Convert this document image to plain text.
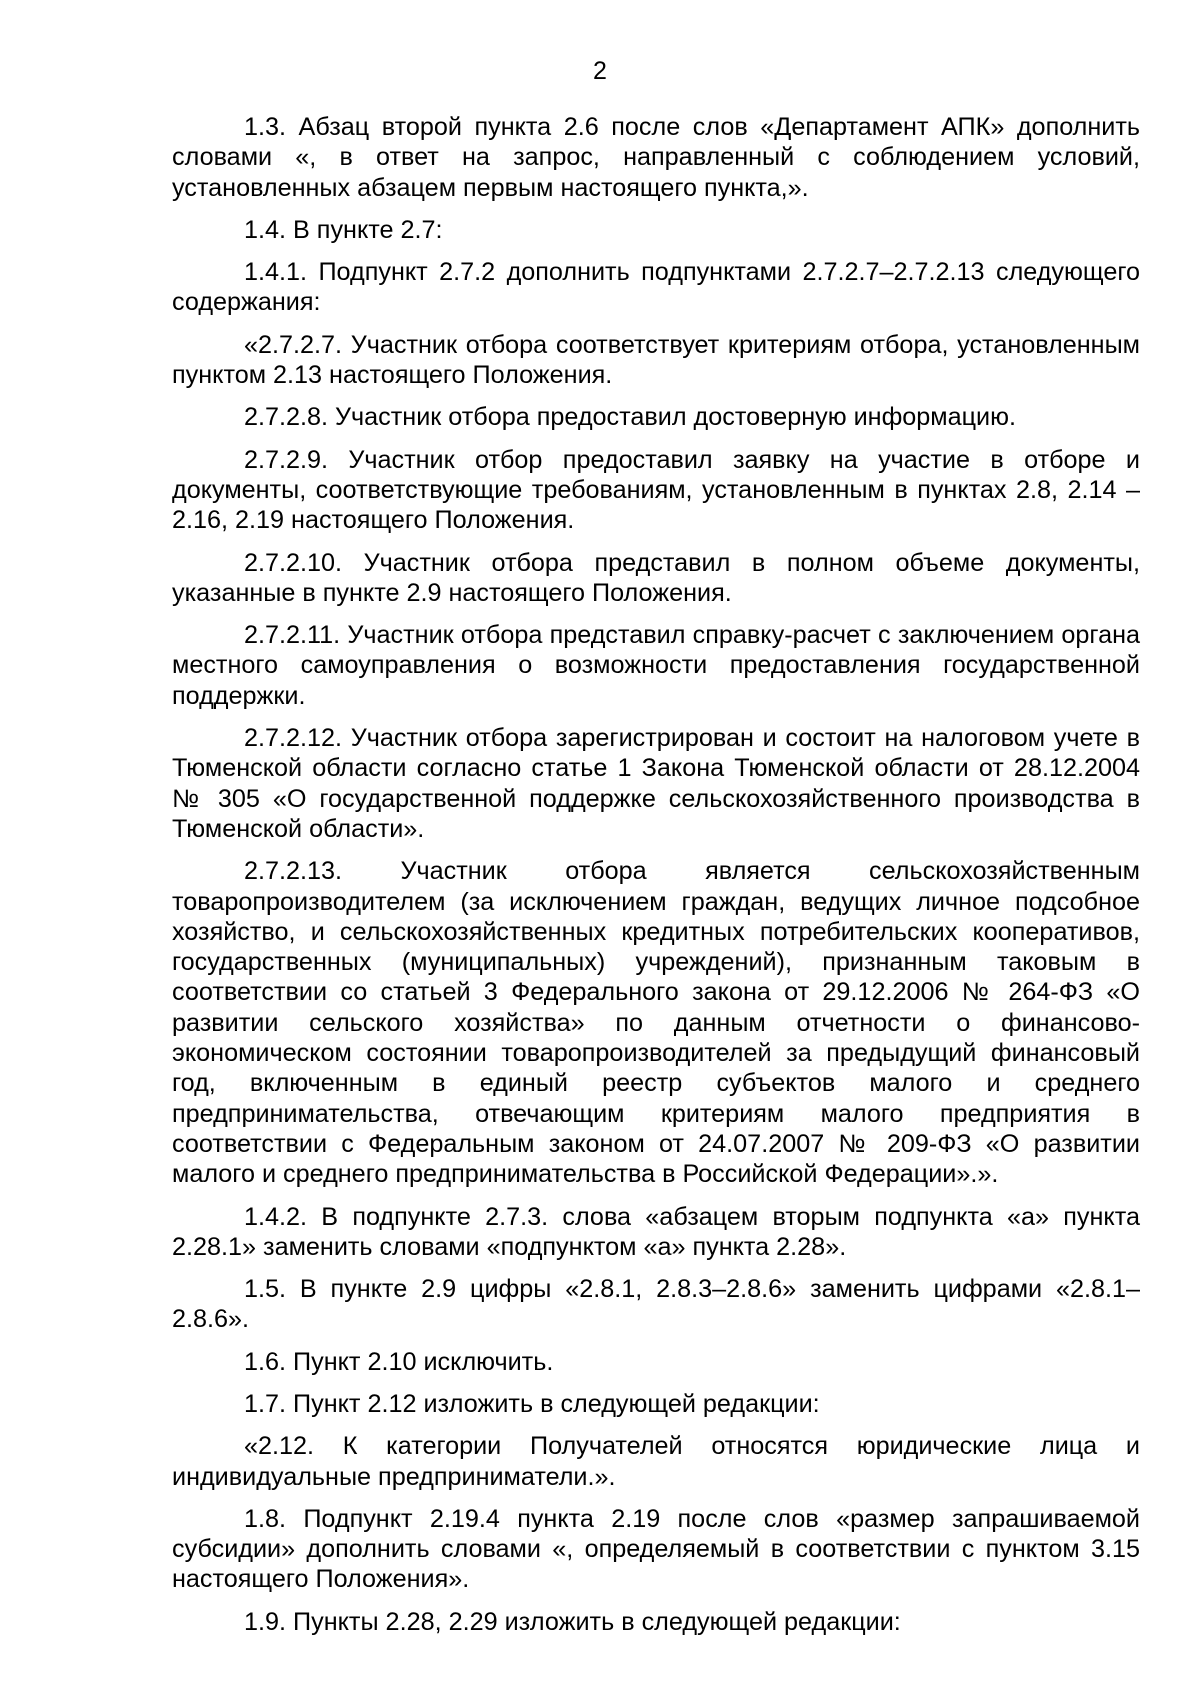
2

1.3. Абзац второй пункта 2.6 после слов «Департамент АПК» дополнить словами «, в ответ на запрос, направленный с соблюдением условий, установленных абзацем первым настоящего пункта,».

1.4. В пункте 2.7:

1.4.1. Подпункт 2.7.2 дополнить подпунктами 2.7.2.7–2.7.2.13 следующего содержания:

«2.7.2.7. Участник отбора соответствует критериям отбора, установленным пунктом 2.13 настоящего Положения.

2.7.2.8. Участник отбора предоставил достоверную информацию.

2.7.2.9. Участник отбор предоставил заявку на участие в отборе и документы, соответствующие требованиям, установленным в пунктах 2.8, 2.14 –2.16, 2.19 настоящего Положения.

2.7.2.10. Участник отбора представил в полном объеме документы, указанные в пункте 2.9 настоящего Положения.

2.7.2.11. Участник отбора представил справку-расчет с заключением органа местного самоуправления о возможности предоставления государственной поддержки.

2.7.2.12. Участник отбора зарегистрирован и состоит на налоговом учете в Тюменской области согласно статье 1 Закона Тюменской области от 28.12.2004 № 305 «О государственной поддержке сельскохозяйственного производства в Тюменской области».

2.7.2.13. Участник отбора является сельскохозяйственным товаропроизводителем (за исключением граждан, ведущих личное подсобное хозяйство, и сельскохозяйственных кредитных потребительских кооперативов, государственных (муниципальных) учреждений), признанным таковым в соответствии со статьей 3 Федерального закона от 29.12.2006 № 264-ФЗ «О развитии сельского хозяйства» по данным отчетности о финансово-экономическом состоянии товаропроизводителей за предыдущий финансовый год, включенным в единый реестр субъектов малого и среднего предпринимательства, отвечающим критериям малого предприятия в соответствии с Федеральным законом от 24.07.2007 № 209-ФЗ «О развитии малого и среднего предпринимательства в Российской Федерации».».

1.4.2. В подпункте 2.7.3. слова «абзацем вторым подпункта «а» пункта 2.28.1» заменить словами «подпунктом «а» пункта 2.28».

1.5. В пункте 2.9 цифры «2.8.1, 2.8.3–2.8.6» заменить цифрами «2.8.1–2.8.6».

1.6. Пункт 2.10 исключить.

1.7. Пункт 2.12 изложить в следующей редакции:

«2.12. К категории Получателей относятся юридические лица и индивидуальные предприниматели.».

1.8. Подпункт 2.19.4 пункта 2.19 после слов «размер запрашиваемой субсидии» дополнить словами «, определяемый в соответствии с пунктом 3.15 настоящего Положения».

1.9. Пункты 2.28, 2.29 изложить в следующей редакции:
